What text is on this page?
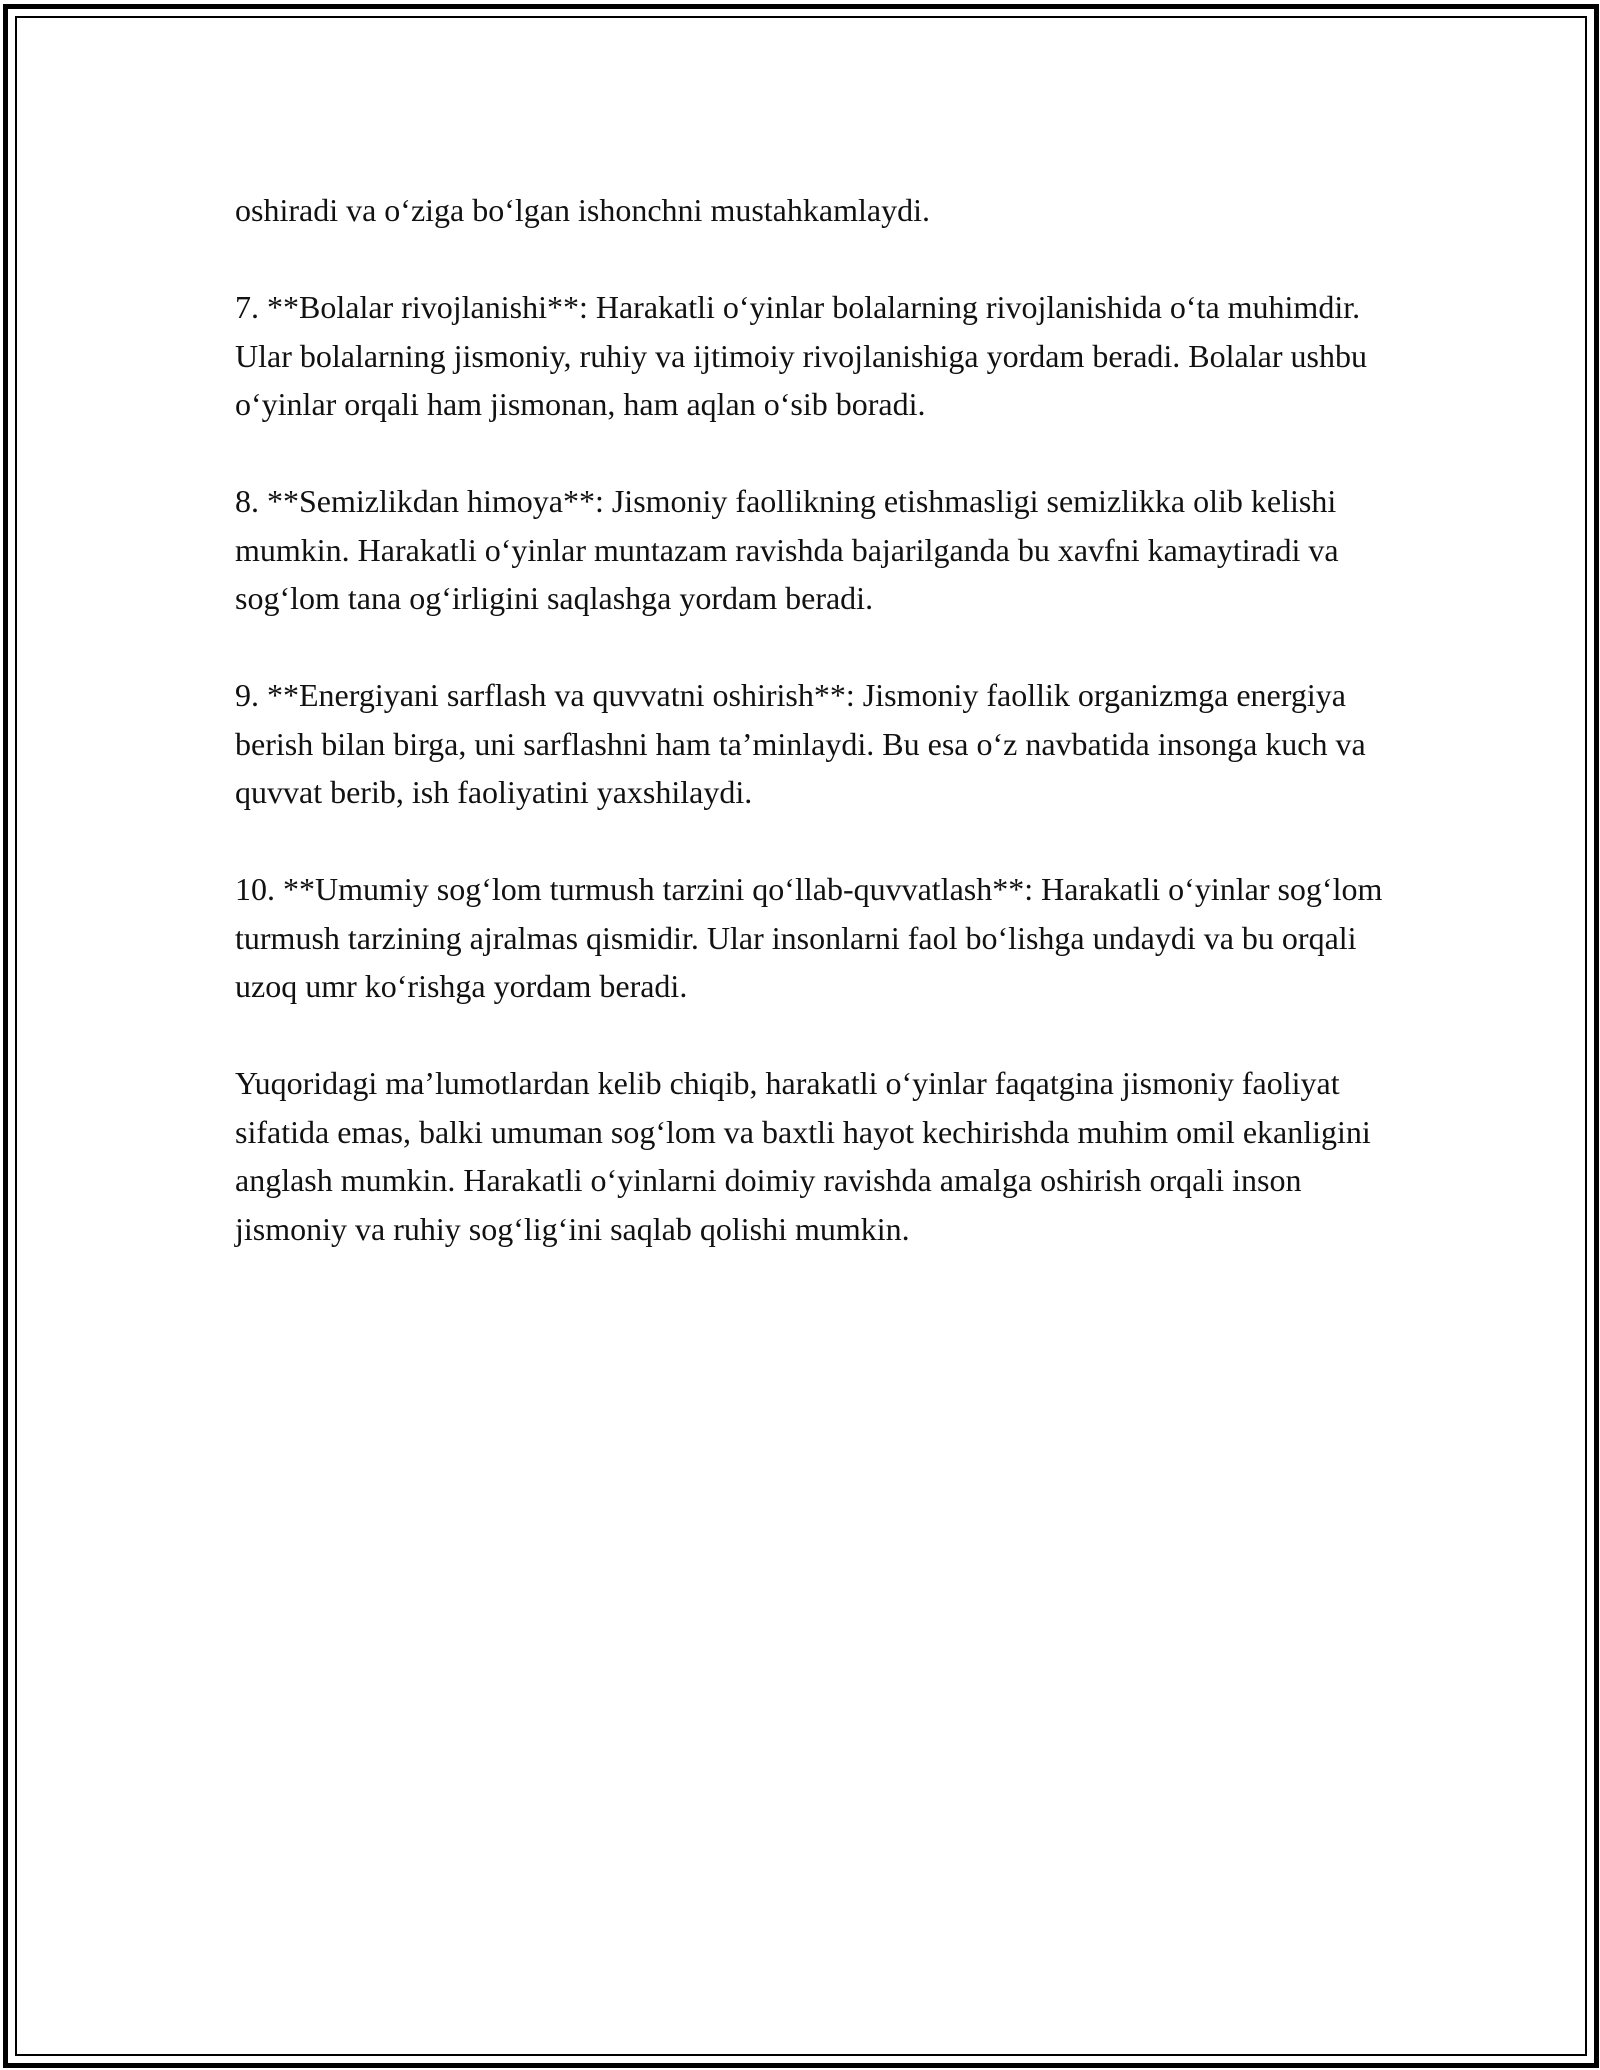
oshiradi va o‘ziga bo‘lgan ishonchni mustahkamlaydi.

7. **Bolalar rivojlanishi**: Harakatli o‘yinlar bolalarning rivojlanishida o‘ta muhimdir. Ular bolalarning jismoniy, ruhiy va ijtimoiy rivojlanishiga yordam beradi. Bolalar ushbu o‘yinlar orqali ham jismonan, ham aqlan o‘sib boradi.

8. **Semizlikdan himoya**: Jismoniy faollikning etishmasligi semizlikka olib kelishi mumkin. Harakatli o‘yinlar muntazam ravishda bajarilganda bu xavfni kamaytiradi va sog‘lom tana og‘irligini saqlashga yordam beradi.

9. **Energiyani sarflash va quvvatni oshirish**: Jismoniy faollik organizmga energiya berish bilan birga, uni sarflashni ham ta’minlaydi. Bu esa o‘z navbatida insonga kuch va quvvat berib, ish faoliyatini yaxshilaydi.

10. **Umumiy sog‘lom turmush tarzini qo‘llab-quvvatlash**: Harakatli o‘yinlar sog‘lom turmush tarzining ajralmas qismidir. Ular insonlarni faol bo‘lishga undaydi va bu orqali uzoq umr ko‘rishga yordam beradi.

Yuqoridagi ma’lumotlardan kelib chiqib, harakatli o‘yinlar faqatgina jismoniy faoliyat sifatida emas, balki umuman sog‘lom va baxtli hayot kechirishda muhim omil ekanligini anglash mumkin. Harakatli o‘yinlarni doimiy ravishda amalga oshirish orqali inson jismoniy va ruhiy sog‘lig‘ini saqlab qolishi mumkin.
